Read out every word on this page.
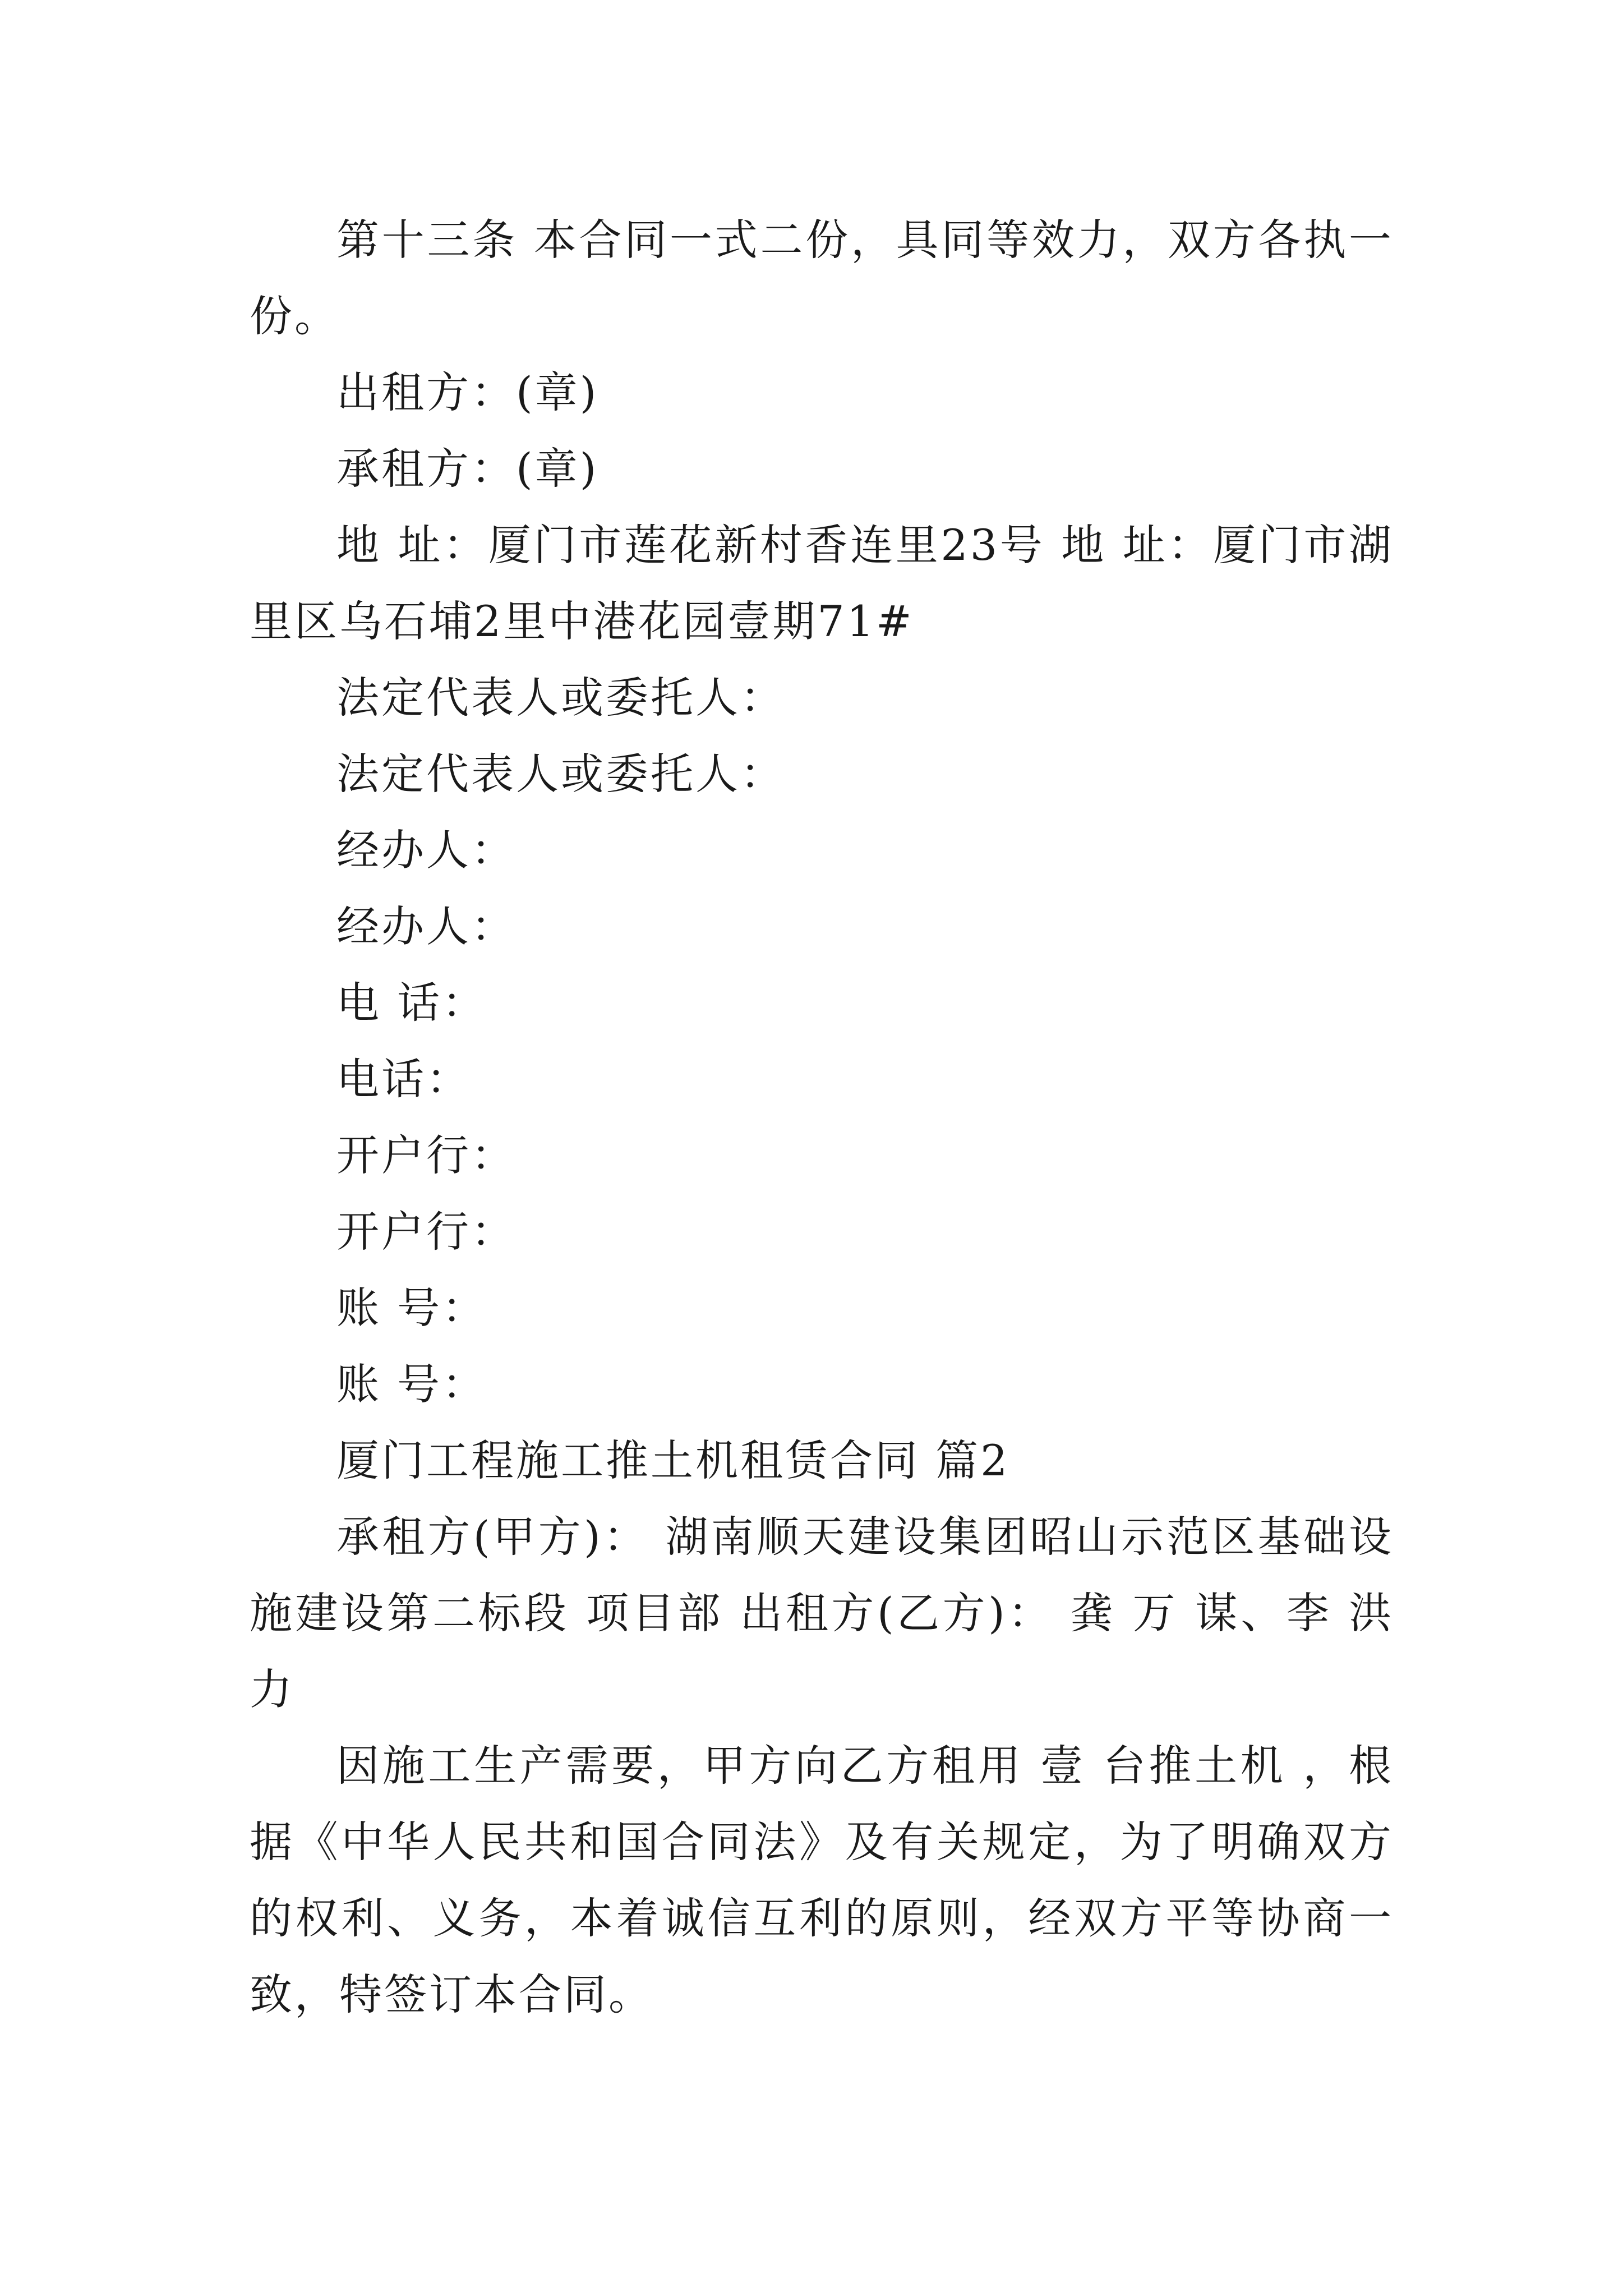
第十三条 本合同一式二份，具同等效力，双方各执一份。

出租方：(章)

承租方：(章)

地 址：厦门市莲花新村香连里23号 地 址：厦门市湖里区乌石埔2里中港花园壹期71#

法定代表人或委托人：

法定代表人或委托人：

经办人：

经办人：

电 话：

电话：

开户行：

开户行：

账 号：

账 号：

厦门工程施工推土机租赁合同 篇2

承租方(甲方)： 湖南顺天建设集团昭山示范区基础设施建设第二标段 项目部 出租方(乙方)： 龚 万 谋、李 洪 力

因施工生产需要，甲方向乙方租用 壹 台推土机 ，根据《中华人民共和国合同法》及有关规定，为了明确双方的权利、义务，本着诚信互利的原则，经双方平等协商一致，特签订本合同。
